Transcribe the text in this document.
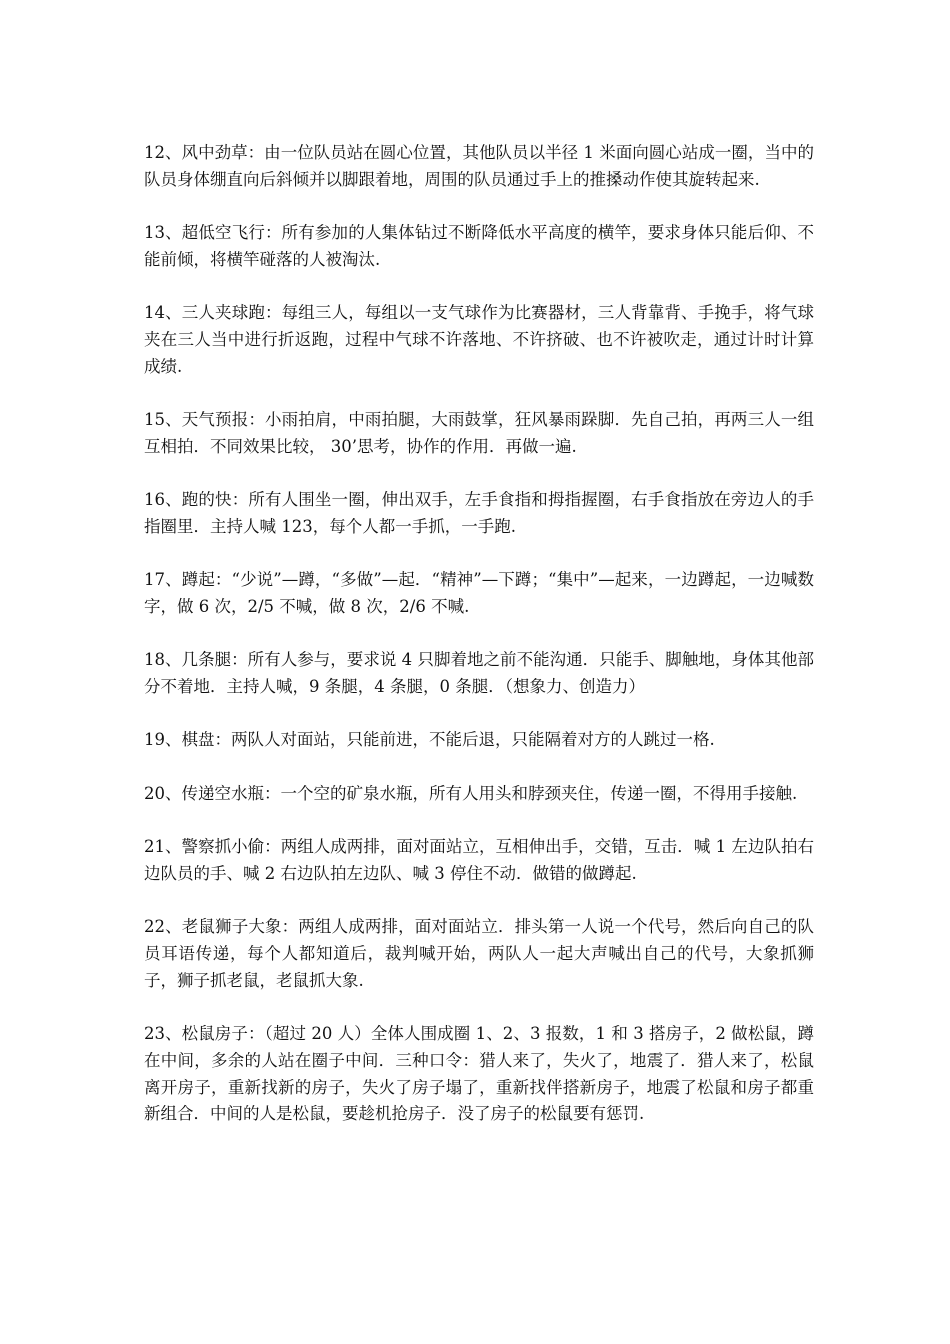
12、风中劲草：由一位队员站在圆心位置，其他队员以半径 1 米面向圆心站成一圈，当中的队员身体绷直向后斜倾并以脚跟着地，周围的队员通过手上的推搡动作使其旋转起来.

13、超低空飞行：所有参加的人集体钻过不断降低水平高度的横竿，要求身体只能后仰、不能前倾，将横竿碰落的人被淘汰.

14、三人夹球跑：每组三人，每组以一支气球作为比赛器材，三人背靠背、手挽手，将气球夹在三人当中进行折返跑，过程中气球不许落地、不许挤破、也不许被吹走，通过计时计算成绩.

15、天气预报：小雨拍肩，中雨拍腿，大雨鼓掌，狂风暴雨跺脚．先自己拍，再两三人一组互相拍．不同效果比较， 30’思考，协作的作用．再做一遍.

16、跑的快：所有人围坐一圈，伸出双手，左手食指和拇指握圈，右手食指放在旁边人的手指圈里．主持人喊 123，每个人都一手抓，一手跑.

17、蹲起：“少说”—蹲，“多做”—起．“精神”—下蹲；“集中”—起来，一边蹲起，一边喊数字，做 6 次，2/5 不喊，做 8 次，2/6 不喊.

18、几条腿：所有人参与，要求说 4 只脚着地之前不能沟通．只能手、脚触地，身体其他部分不着地．主持人喊，9 条腿，4 条腿，0 条腿．（想象力、创造力）

19、棋盘：两队人对面站，只能前进，不能后退，只能隔着对方的人跳过一格.

20、传递空水瓶：一个空的矿泉水瓶，所有人用头和脖颈夹住，传递一圈，不得用手接触.

21、警察抓小偷：两组人成两排，面对面站立，互相伸出手，交错，互击．喊 1 左边队拍右边队员的手、喊 2 右边队拍左边队、喊 3 停住不动．做错的做蹲起.

22、老鼠狮子大象：两组人成两排，面对面站立．排头第一人说一个代号，然后向自己的队员耳语传递，每个人都知道后，裁判喊开始，两队人一起大声喊出自己的代号，大象抓狮子，狮子抓老鼠，老鼠抓大象.

23、松鼠房子：（超过 20 人）全体人围成圈 1、2、3 报数，1 和 3 搭房子，2 做松鼠，蹲在中间，多余的人站在圈子中间．三种口令：猎人来了，失火了，地震了．猎人来了，松鼠离开房子，重新找新的房子，失火了房子塌了，重新找伴搭新房子，地震了松鼠和房子都重新组合．中间的人是松鼠，要趁机抢房子．没了房子的松鼠要有惩罚.
